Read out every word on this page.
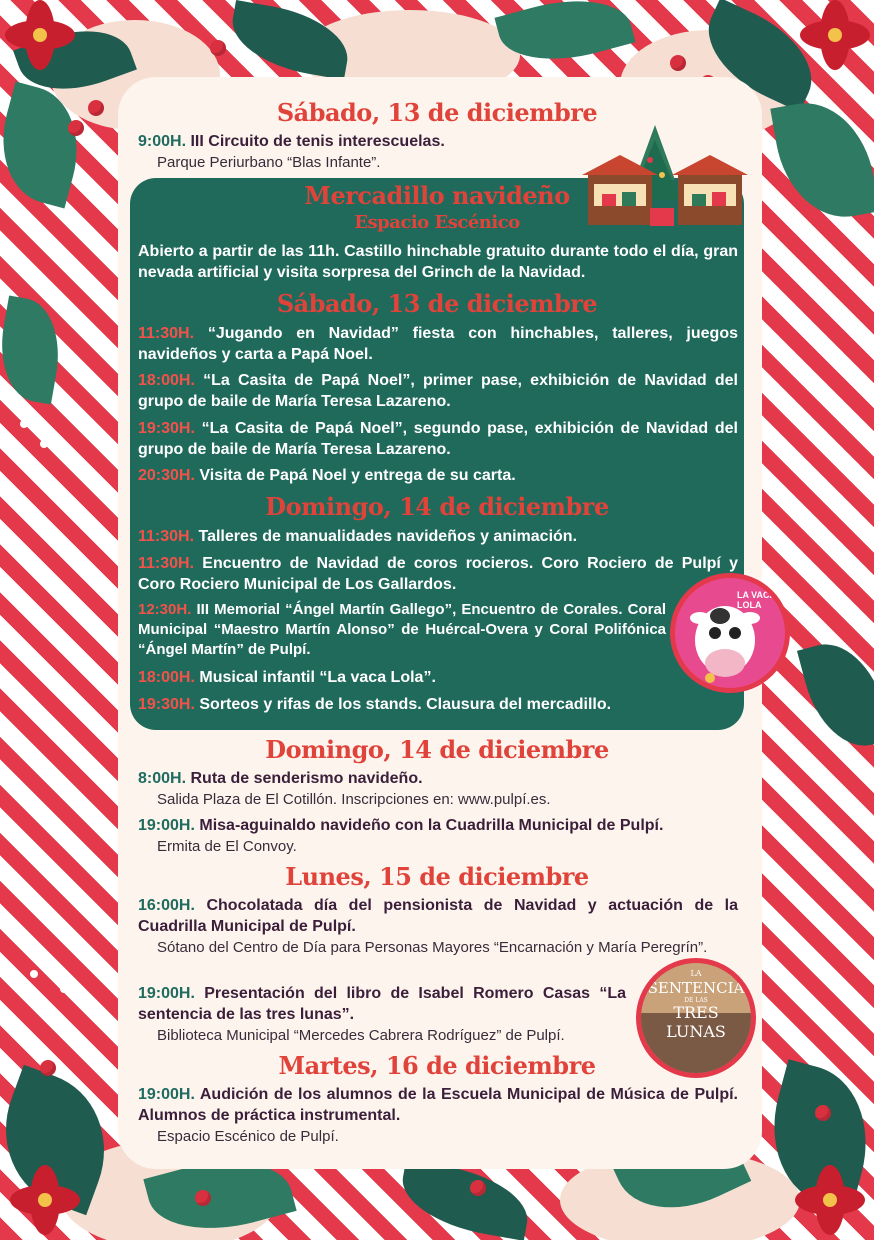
Sábado, 13 de diciembre
9:00H. III Circuito de tenis interescuelas.
Parque Periurbano “Blas Infante”.
Mercadillo navideño
Espacio Escénico
Abierto a partir de las 11h. Castillo hinchable gratuito durante todo el día, gran nevada artificial y visita sorpresa del Grinch de la Navidad.
Sábado, 13 de diciembre
11:30H. “Jugando en Navidad” fiesta con hinchables, talleres, juegos navideños y carta a Papá Noel.
18:00H. “La Casita de Papá Noel”, primer pase, exhibición de Navidad del grupo de baile de María Teresa Lazareno.
19:30H. “La Casita de Papá Noel”, segundo pase, exhibición de Navidad del grupo de baile de María Teresa Lazareno.
20:30H. Visita de Papá Noel y entrega de su carta.
Domingo, 14 de diciembre
11:30H. Talleres de manualidades navideños y animación.
11:30H. Encuentro de Navidad de coros rocieros. Coro Rociero de Pulpí y Coro Rociero Municipal de Los Gallardos.
12:30H. III Memorial “Ángel Martín Gallego”, Encuentro de Corales. Coral Municipal “Maestro Martín Alonso” de Huércal-Overa y Coral Polifónica “Ángel Martín” de Pulpí.
18:00H. Musical infantil “La vaca Lola”.
19:30H. Sorteos y rifas de los stands. Clausura del mercadillo.
LA VACA LOLA
Domingo, 14 de diciembre
8:00H. Ruta de senderismo navideño.
Salida Plaza de El Cotillón. Inscripciones en: www.pulpí.es.
19:00H. Misa-aguinaldo navideño con la Cuadrilla Municipal de Pulpí.
Ermita de El Convoy.
Lunes, 15 de diciembre
16:00H. Chocolatada día del pensionista de Navidad y actuación de la Cuadrilla Municipal de Pulpí.
Sótano del Centro de Día para Personas Mayores “Encarnación y María Peregrín”.
19:00H. Presentación del libro de Isabel Romero Casas “La sentencia de las tres lunas”.
Biblioteca Municipal “Mercedes Cabrera Rodríguez” de Pulpí.
LA
SENTENCIA
DE LAS
TRES LUNAS
Martes, 16 de diciembre
19:00H. Audición de los alumnos de la Escuela Municipal de Música de Pulpí. Alumnos de práctica instrumental.
Espacio Escénico de Pulpí.
